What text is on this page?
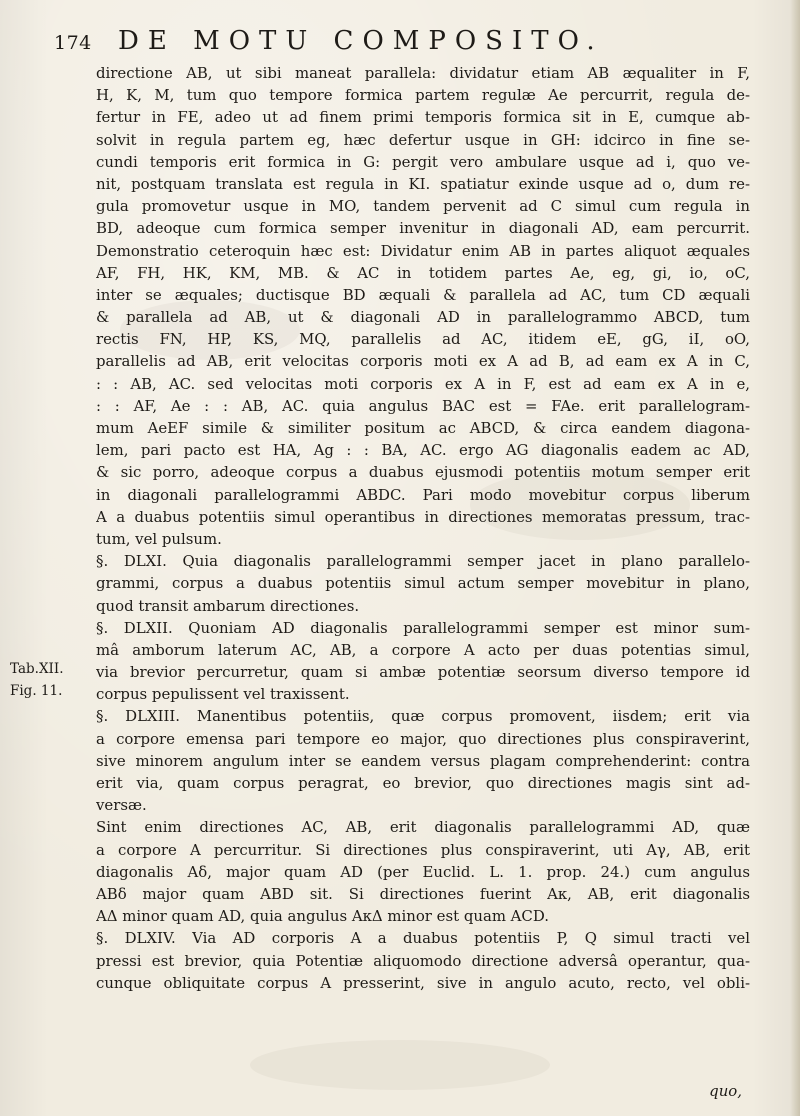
174 DE MOTU COMPOSITO.
Tab.XII.
Fig. 11.
directione AB, ut sibi maneat parallela: dividatur etiam AB æqualiter in F,
H, K, M, tum quo tempore formica partem regulæ Ae percurrit, regula de-
fertur in FE, adeo ut ad finem primi temporis formica sit in E, cumque ab-
solvit in regula partem eg, hæc defertur usque in GH: idcirco in fine se-
cundi temporis erit formica in G: pergit vero ambulare usque ad i, quo ve-
nit, postquam translata est regula in KI. spatiatur exinde usque ad o, dum re-
gula promovetur usque in MO, tandem pervenit ad C simul cum regula in
BD, adeoque cum formica semper invenitur in diagonali AD, eam percurrit.
Demonstratio ceteroquin hæc est: Dividatur enim AB in partes aliquot æquales
AF, FH, HK, KM, MB. & AC in totidem partes Ae, eg, gi, io, oC,
inter se æquales; ductisque BD æquali & parallela ad AC, tum CD æquali
& parallela ad AB, ut & diagonali AD in parallelogrammo ABCD, tum
rectis FN, HP, KS, MQ, parallelis ad AC, itidem eE, gG, iI, oO,
parallelis ad AB, erit velocitas corporis moti ex A ad B, ad eam ex A in C,
: : AB, AC. sed velocitas moti corporis ex A in F, est ad eam ex A in e,
: : AF, Ae : : AB, AC. quia angulus BAC est = FAe. erit parallelogram-
mum AeEF simile & similiter positum ac ABCD, & circa eandem diagona-
lem, pari pacto est HA, Ag : : BA, AC. ergo AG diagonalis eadem ac AD,
& sic porro, adeoque corpus a duabus ejusmodi potentiis motum semper erit
in diagonali parallelogrammi ABDC. Pari modo movebitur corpus liberum
A a duabus potentiis simul operantibus in directiones memoratas pressum, trac-
tum, vel pulsum.
§. DLXI. Quia diagonalis parallelogrammi semper jacet in plano parallelo-
grammi, corpus a duabus potentiis simul actum semper movebitur in plano,
quod transit ambarum directiones.
§. DLXII. Quoniam AD diagonalis parallelogrammi semper est minor sum-
mâ amborum laterum AC, AB, a corpore A acto per duas potentias simul,
via brevior percurretur, quam si ambæ potentiæ seorsum diverso tempore id
corpus pepulissent vel traxissent.
§. DLXIII. Manentibus potentiis, quæ corpus promovent, iisdem; erit via
a corpore emensa pari tempore eo major, quo directiones plus conspiraverint,
sive minorem angulum inter se eandem versus plagam comprehenderint: contra
erit via, quam corpus peragrat, eo brevior, quo directiones magis sint ad-
versæ.
Sint enim directiones AC, AB, erit diagonalis parallelogrammi AD, quæ
a corpore A percurritur. Si directiones plus conspiraverint, uti Aγ, AB, erit
diagonalis Aδ, major quam AD (per Euclid. L. 1. prop. 24.) cum angulus
ABδ major quam ABD sit. Si directiones fuerint Aκ, AB, erit diagonalis
AΔ minor quam AD, quia angulus AκΔ minor est quam ACD.
§. DLXIV. Via AD corporis A a duabus potentiis P, Q simul tracti vel
pressi est brevior, quia Potentiæ aliquomodo directione adversâ operantur, qua-
cunque obliquitate corpus A presserint, sive in angulo acuto, recto, vel obli-
quo,
